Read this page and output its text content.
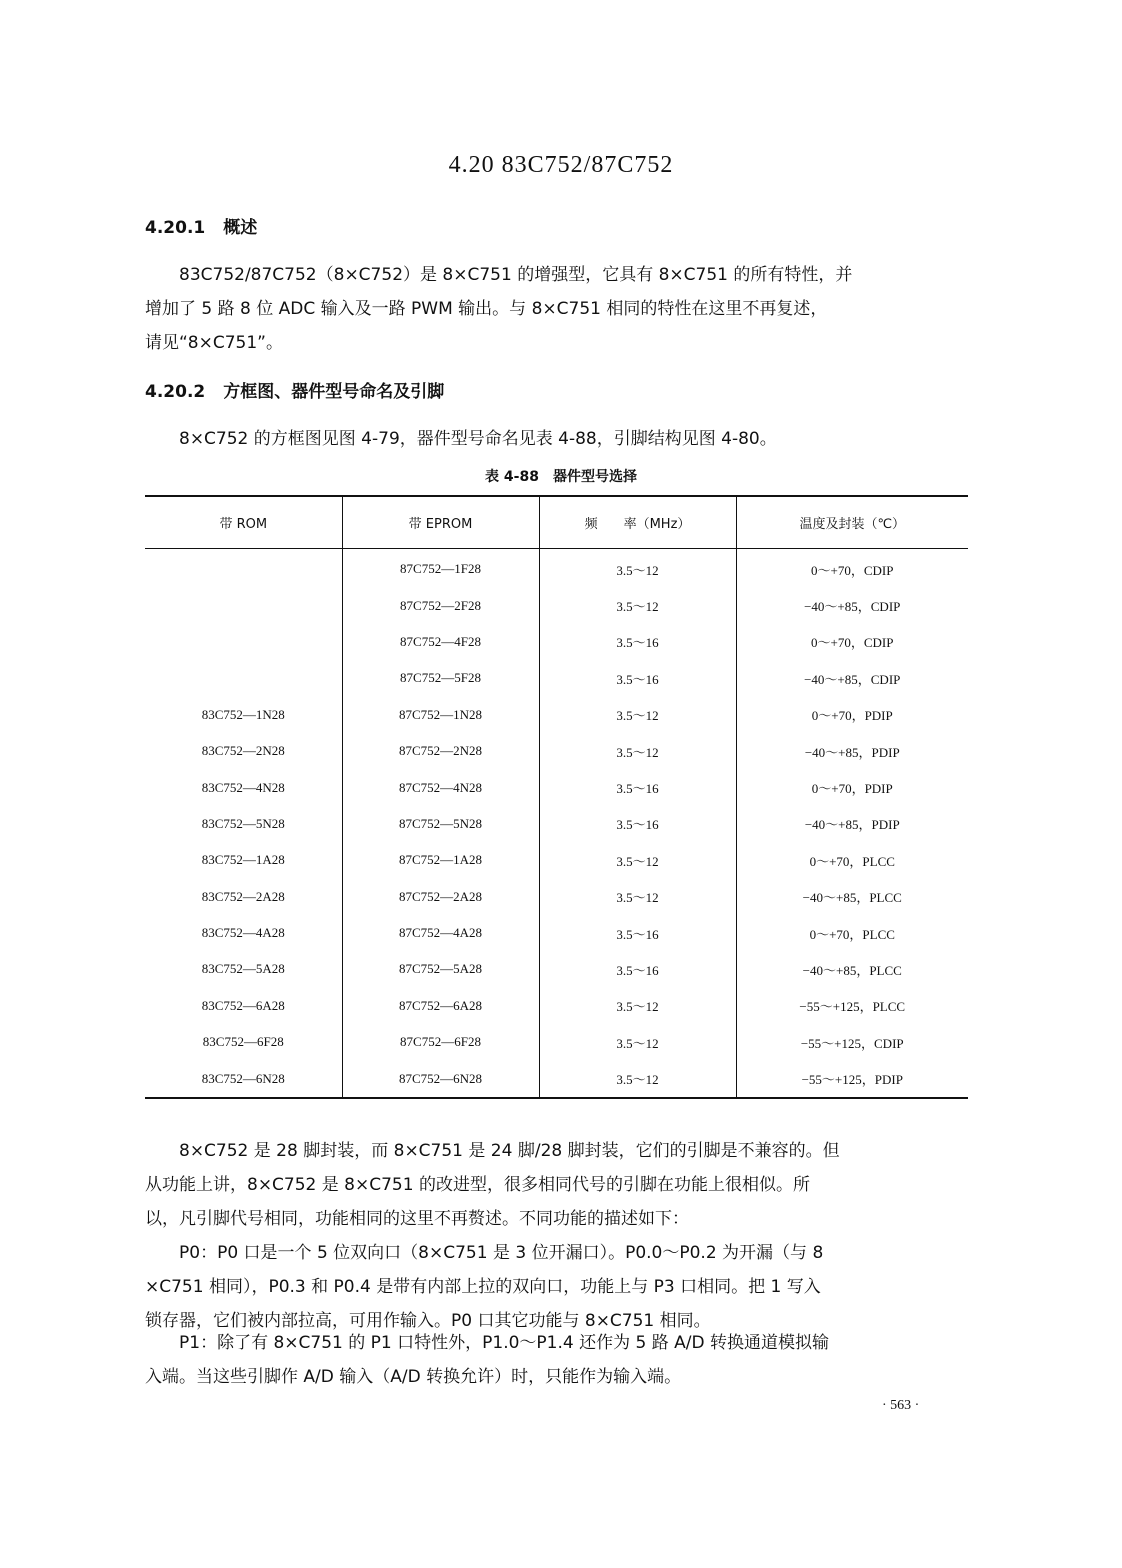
4.20 83C752/87C752
4.20.1 概述
83C752/87C752（8×C752）是 8×C751 的增强型，它具有 8×C751 的所有特性，并
增加了 5 路 8 位 ADC 输入及一路 PWM 输出。与 8×C751 相同的特性在这里不再复述，
请见“8×C751”。
4.20.2 方框图、器件型号命名及引脚
8×C752 的方框图见图 4-79，器件型号命名见表 4-88，引脚结构见图 4-80。
表 4-88 器件型号选择
带 ROM	带 EPROM	频　　率（MHz）	温度及封装（℃）
	87C752—1F28	3.5～12	0～+70，CDIP
	87C752—2F28	3.5～12	−40～+85，CDIP
	87C752—4F28	3.5～16	0～+70，CDIP
	87C752—5F28	3.5～16	−40～+85，CDIP
83C752—1N28	87C752—1N28	3.5～12	0～+70，PDIP
83C752—2N28	87C752—2N28	3.5～12	−40～+85，PDIP
83C752—4N28	87C752—4N28	3.5～16	0～+70，PDIP
83C752—5N28	87C752—5N28	3.5～16	−40～+85，PDIP
83C752—1A28	87C752—1A28	3.5～12	0～+70，PLCC
83C752—2A28	87C752—2A28	3.5～12	−40～+85，PLCC
83C752—4A28	87C752—4A28	3.5～16	0～+70，PLCC
83C752—5A28	87C752—5A28	3.5～16	−40～+85，PLCC
83C752—6A28	87C752—6A28	3.5～12	−55～+125，PLCC
83C752—6F28	87C752—6F28	3.5～12	−55～+125，CDIP
83C752—6N28	87C752—6N28	3.5～12	−55～+125，PDIP
8×C752 是 28 脚封装，而 8×C751 是 24 脚/28 脚封装，它们的引脚是不兼容的。但
从功能上讲，8×C752 是 8×C751 的改进型，很多相同代号的引脚在功能上很相似。所
以，凡引脚代号相同，功能相同的这里不再赘述。不同功能的描述如下：
P0：P0 口是一个 5 位双向口（8×C751 是 3 位开漏口）。P0.0～P0.2 为开漏（与 8
×C751 相同），P0.3 和 P0.4 是带有内部上拉的双向口，功能上与 P3 口相同。把 1 写入
锁存器，它们被内部拉高，可用作输入。P0 口其它功能与 8×C751 相同。
P1：除了有 8×C751 的 P1 口特性外，P1.0～P1.4 还作为 5 路 A/D 转换通道模拟输
入端。当这些引脚作 A/D 输入（A/D 转换允许）时，只能作为输入端。
· 563 ·
